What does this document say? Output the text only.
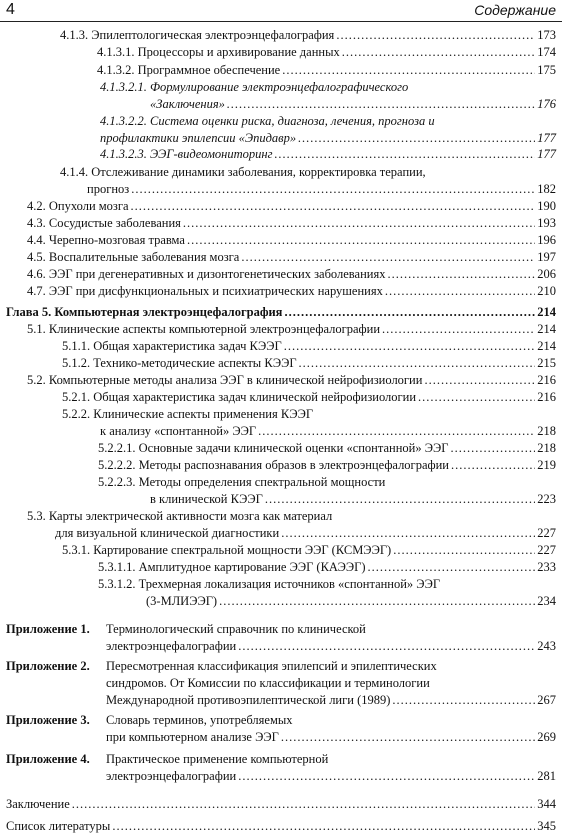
4	Содержание
4.1.3. Эпилептологическая электроэнцефалография .....	173
4.1.3.1. Процессоры и архивирование данных .....	174
4.1.3.2. Программное обеспечение .....	175
4.1.3.2.1. Формулирование электроэнцефалографического
«Заключения» .....	176
4.1.3.2.2. Система оценки риска, диагноза, лечения, прогноза и
профилактики эпилепсии «Эпидавр» .....	177
4.1.3.2.3. ЭЭГ-видеомониторинг .....	177
4.1.4. Отслеживание динамики заболевания, корректировка терапии,
прогноз .....	182
4.2. Опухоли мозга .....	190
4.3. Сосудистые заболевания .....	193
4.4. Черепно-мозговая травма .....	196
4.5. Воспалительные заболевания мозга .....	197
4.6. ЭЭГ при дегенеративных и дизонтогенетических заболеваниях .....	206
4.7. ЭЭГ при дисфункциональных и психиатрических нарушениях .....	210
Глава 5. Компьютерная электроэнцефалография .....	214
5.1. Клинические аспекты компьютерной электроэнцефалографии .....	214
5.1.1. Общая характеристика задач КЭЭГ .....	214
5.1.2. Технико-методические аспекты КЭЭГ .....	215
5.2. Компьютерные методы анализа ЭЭГ в клинической нейрофизиологии .....	216
5.2.1. Общая характеристика задач клинической нейрофизиологии .....	216
5.2.2. Клинические аспекты применения КЭЭГ
к анализу «спонтанной» ЭЭГ .....	218
5.2.2.1. Основные задачи клинической оценки «спонтанной» ЭЭГ .....	218
5.2.2.2. Методы распознавания образов в электроэнцефалографии .....	219
5.2.2.3. Методы определения спектральной мощности
в клинической КЭЭГ .....	223
5.3. Карты электрической активности мозга как материал
для визуальной клинической диагностики .....	227
5.3.1. Картирование спектральной мощности ЭЭГ (КСМЭЭГ) .....	227
5.3.1.1. Амплитудное картирование ЭЭГ (КАЭЭГ) .....	233
5.3.1.2. Трехмерная локализация источников «спонтанной» ЭЭГ
(3-МЛИЭЭГ) .....	234
Приложение 1. Терминологический справочник по клинической
электроэнцефалографии .....	243
Приложение 2. Пересмотренная классификация эпилепсий и эпилептических
синдромов. От Комиссии по классификации и терминологии
Международной противоэпилептической лиги (1989) .....	267
Приложение 3. Словарь терминов, употребляемых
при компьютерном анализе ЭЭГ .....	269
Приложение 4. Практическое применение компьютерной
электроэнцефалографии .....	281
Заключение .....	344
Список литературы .....	345
